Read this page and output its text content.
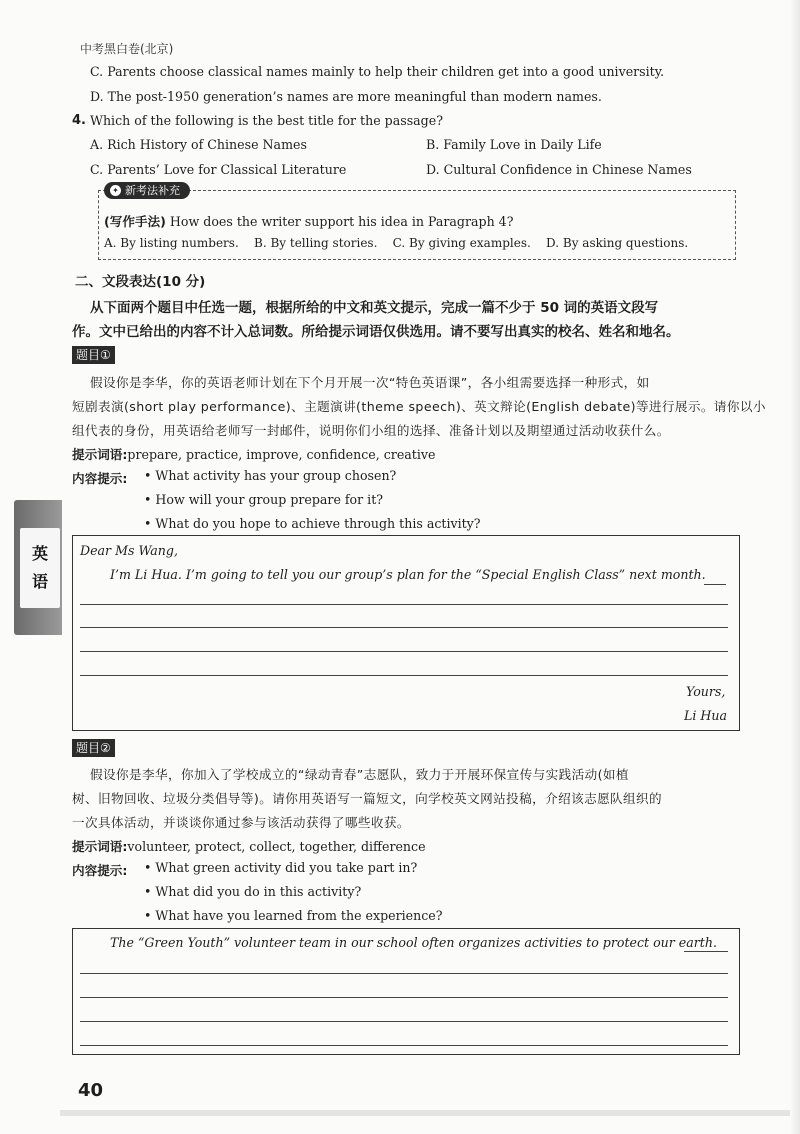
中考黑白卷(北京)
C. Parents choose classical names mainly to help their children get into a good university.
D. The post-1950 generation’s names are more meaningful than modern names.
4. Which of the following is the best title for the passage?
A. Rich History of Chinese Names	B. Family Love in Daily Life
C. Parents’ Love for Classical Literature	D. Cultural Confidence in Chinese Names
✦ 新考法补充
(写作手法) How does the writer support his idea in Paragraph 4?
A. By listing numbers.    B. By telling stories.    C. By giving examples.    D. By asking questions.
二、文段表达(10 分)
从下面两个题目中任选一题，根据所给的中文和英文提示，完成一篇不少于 50 词的英语文段写
作。文中已给出的内容不计入总词数。所给提示词语仅供选用。请不要写出真实的校名、姓名和地名。
题目①
假设你是李华，你的英语老师计划在下个月开展一次“特色英语课”，各小组需要选择一种形式，如
短剧表演(short play performance)、主题演讲(theme speech)、英文辩论(English debate)等进行展示。请你以小
组代表的身份，用英语给老师写一封邮件，说明你们小组的选择、准备计划以及期望通过活动收获什么。
提示词语:prepare, practice, improve, confidence, creative
内容提示: • What activity has your group chosen?
• How will your group prepare for it?
• What do you hope to achieve through this activity?
Dear Ms Wang,
I’m Li Hua. I’m going to tell you our group’s plan for the “Special English Class” next month.
Yours,
Li Hua
题目②
假设你是李华，你加入了学校成立的“绿动青春”志愿队，致力于开展环保宣传与实践活动(如植
树、旧物回收、垃圾分类倡导等)。请你用英语写一篇短文，向学校英文网站投稿，介绍该志愿队组织的
一次具体活动，并谈谈你通过参与该活动获得了哪些收获。
提示词语:volunteer, protect, collect, together, difference
内容提示: • What green activity did you take part in?
• What did you do in this activity?
• What have you learned from the experience?
The “Green Youth” volunteer team in our school often organizes activities to protect our earth.
英语
40
